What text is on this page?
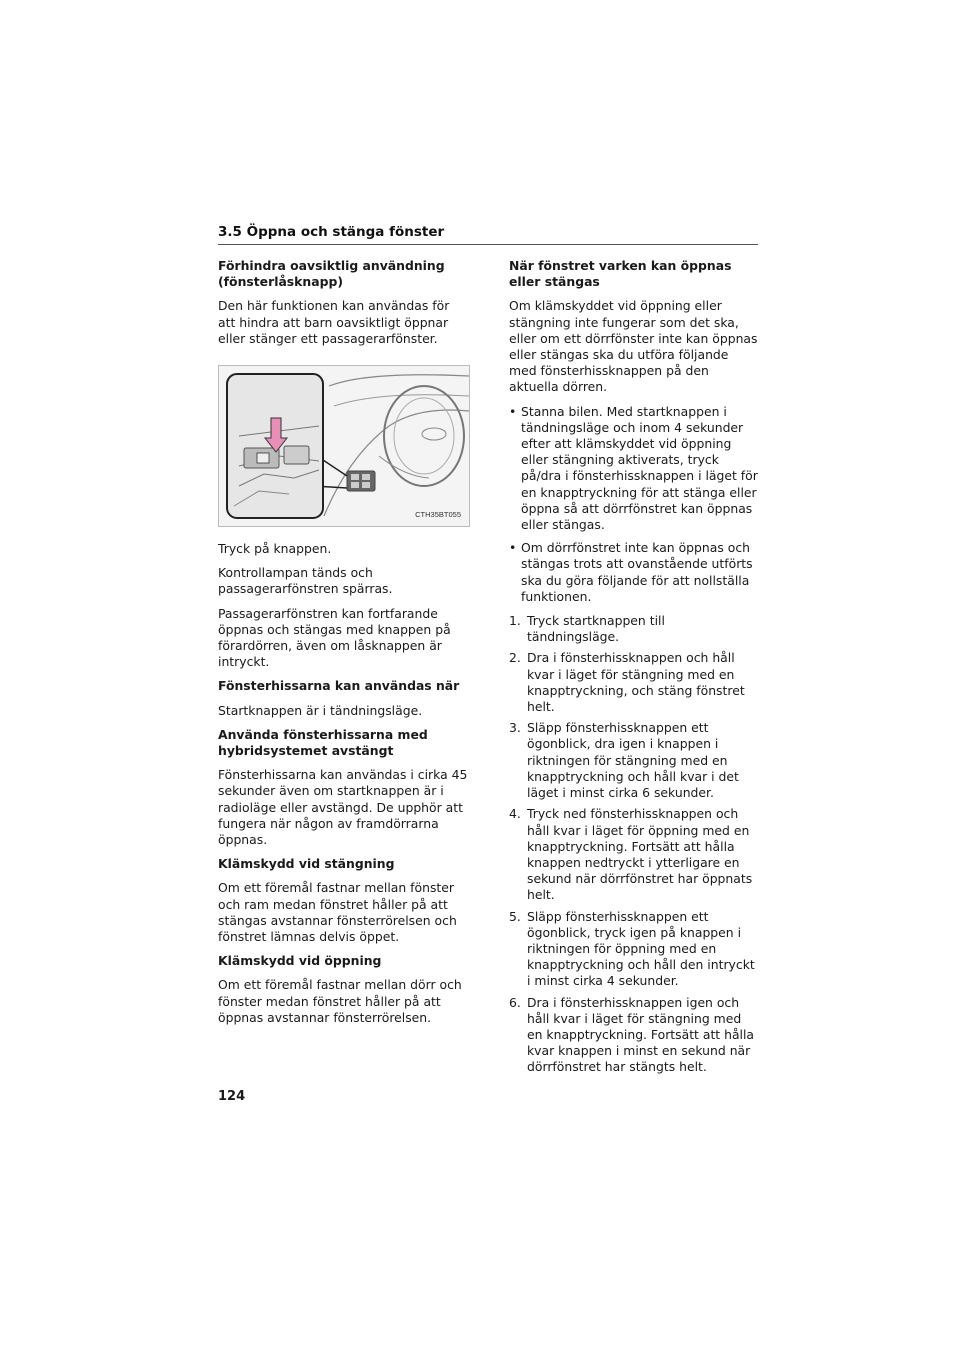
3.5 Öppna och stänga fönster
Förhindra oavsiktlig användning (fönsterlåsknapp)

Den här funktionen kan användas för att hindra att barn oavsiktligt öppnar eller stänger ett passagerarfönster.

CTH35BT055

Tryck på knappen.

Kontrollampan tänds och passagerarfönstren spärras.

Passagerarfönstren kan fortfarande öppnas och stängas med knappen på förardörren, även om låsknappen är intryckt.

Fönsterhissarna kan användas när

Startknappen är i tändningsläge.

Använda fönsterhissarna med hybridsystemet avstängt

Fönsterhissarna kan användas i cirka 45 sekunder även om startknappen är i radioläge eller avstängd. De upphör att fungera när någon av framdörrarna öppnas.

Klämskydd vid stängning

Om ett föremål fastnar mellan fönster och ram medan fönstret håller på att stängas avstannar fönsterrörelsen och fönstret lämnas delvis öppet.

Klämskydd vid öppning

Om ett föremål fastnar mellan dörr och fönster medan fönstret håller på att öppnas avstannar fönsterrörelsen.

När fönstret varken kan öppnas eller stängas

Om klämskyddet vid öppning eller stängning inte fungerar som det ska, eller om ett dörrfönster inte kan öppnas eller stängas ska du utföra följande med fönsterhissknappen på den aktuella dörren.

• Stanna bilen. Med startknappen i tändningsläge och inom 4 sekunder efter att klämskyddet vid öppning eller stängning aktiverats, tryck på/dra i fönsterhissknappen i läget för en knapptryckning för att stänga eller öppna så att dörrfönstret kan öppnas eller stängas.
• Om dörrfönstret inte kan öppnas och stängas trots att ovanstående utförts ska du göra följande för att nollställa funktionen.
1. Tryck startknappen till tändningsläge.
2. Dra i fönsterhissknappen och håll kvar i läget för stängning med en knapptryckning, och stäng fönstret helt.
3. Släpp fönsterhissknappen ett ögonblick, dra igen i knappen i riktningen för stängning med en knapptryckning och håll kvar i det läget i minst cirka 6 sekunder.
4. Tryck ned fönsterhissknappen och håll kvar i läget för öppning med en knapptryckning. Fortsätt att hålla knappen nedtryckt i ytterligare en sekund när dörrfönstret har öppnats helt.
5. Släpp fönsterhissknappen ett ögonblick, tryck igen på knappen i riktningen för öppning med en knapptryckning och håll den intryckt i minst cirka 4 sekunder.
6. Dra i fönsterhissknappen igen och håll kvar i läget för stängning med en knapptryckning. Fortsätt att hålla kvar knappen i minst en sekund när dörrfönstret har stängts helt.
124
